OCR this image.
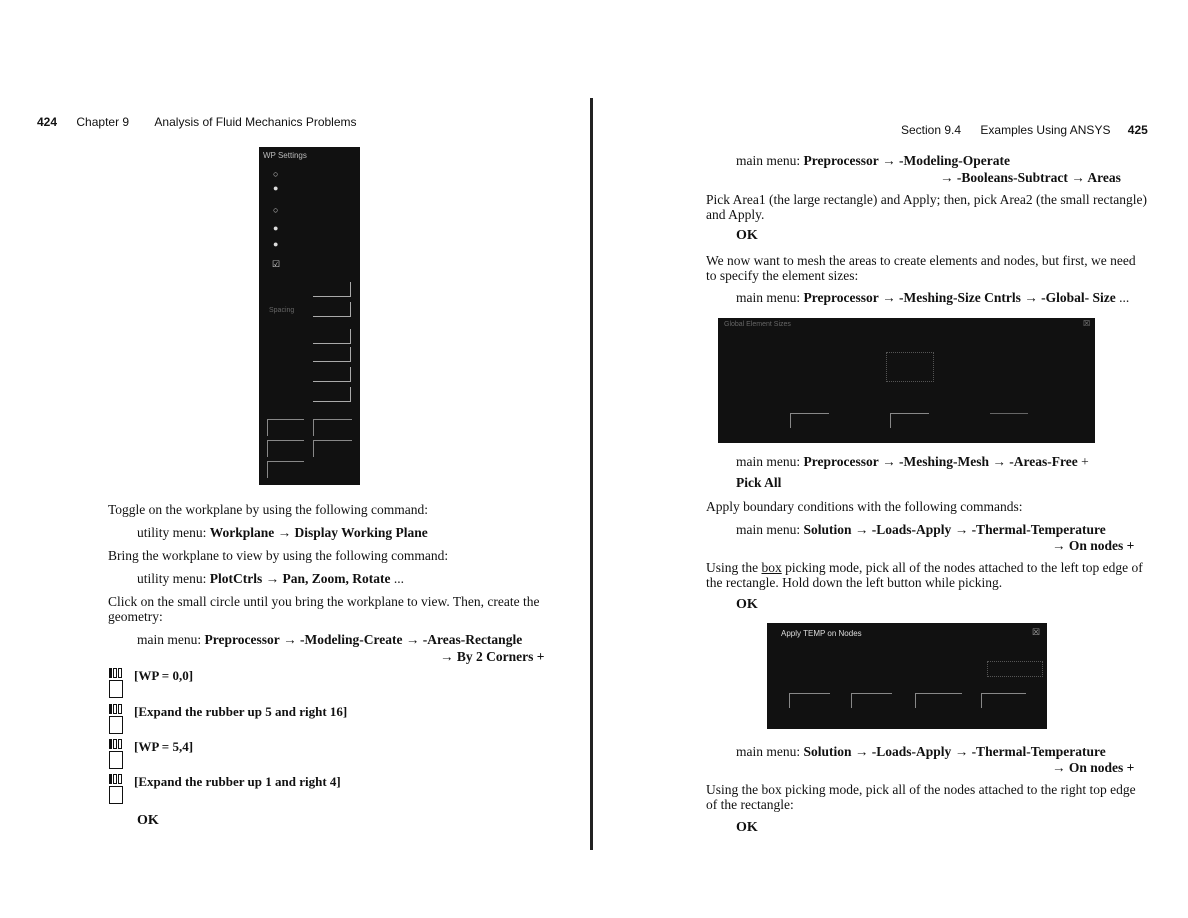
424 Chapter 9 Analysis of Fluid Mechanics Problems
WP Settings
○
●
○
●
●
☑
Spacing
Toggle on the workplane by using the following command:
utility menu: Workplane → Display Working Plane
Bring the workplane to view by using the following command:
utility menu: PlotCtrls → Pan, Zoom, Rotate ...
Click on the small circle until you bring the workplane to view. Then, create the
geometry:
main menu: Preprocessor → -Modeling-Create → -Areas-Rectangle
→ By 2 Corners +
[WP = 0,0]
[Expand the rubber up 5 and right 16]
[WP = 5,4]
[Expand the rubber up 1 and right 4]
OK
Section 9.4 Examples Using ANSYS 425
main menu: Preprocessor → -Modeling-Operate
→ -Booleans-Subtract → Areas
Pick Area1 (the large rectangle) and Apply; then, pick Area2 (the small rectangle)
and Apply.
OK
We now want to mesh the areas to create elements and nodes, but first, we need
to specify the element sizes:
main menu: Preprocessor → -Meshing-Size Cntrls → -Global- Size ...
Global Element Sizes	☒
main menu: Preprocessor → -Meshing-Mesh → -Areas-Free +
Pick All
Apply boundary conditions with the following commands:
main menu: Solution → -Loads-Apply → -Thermal-Temperature
→ On nodes +
Using the box picking mode, pick all of the nodes attached to the left top edge of
the rectangle. Hold down the left button while picking.
OK
Apply TEMP on Nodes	☒
main menu: Solution → -Loads-Apply → -Thermal-Temperature
→ On nodes +
Using the box picking mode, pick all of the nodes attached to the right top edge
of the rectangle:
OK
